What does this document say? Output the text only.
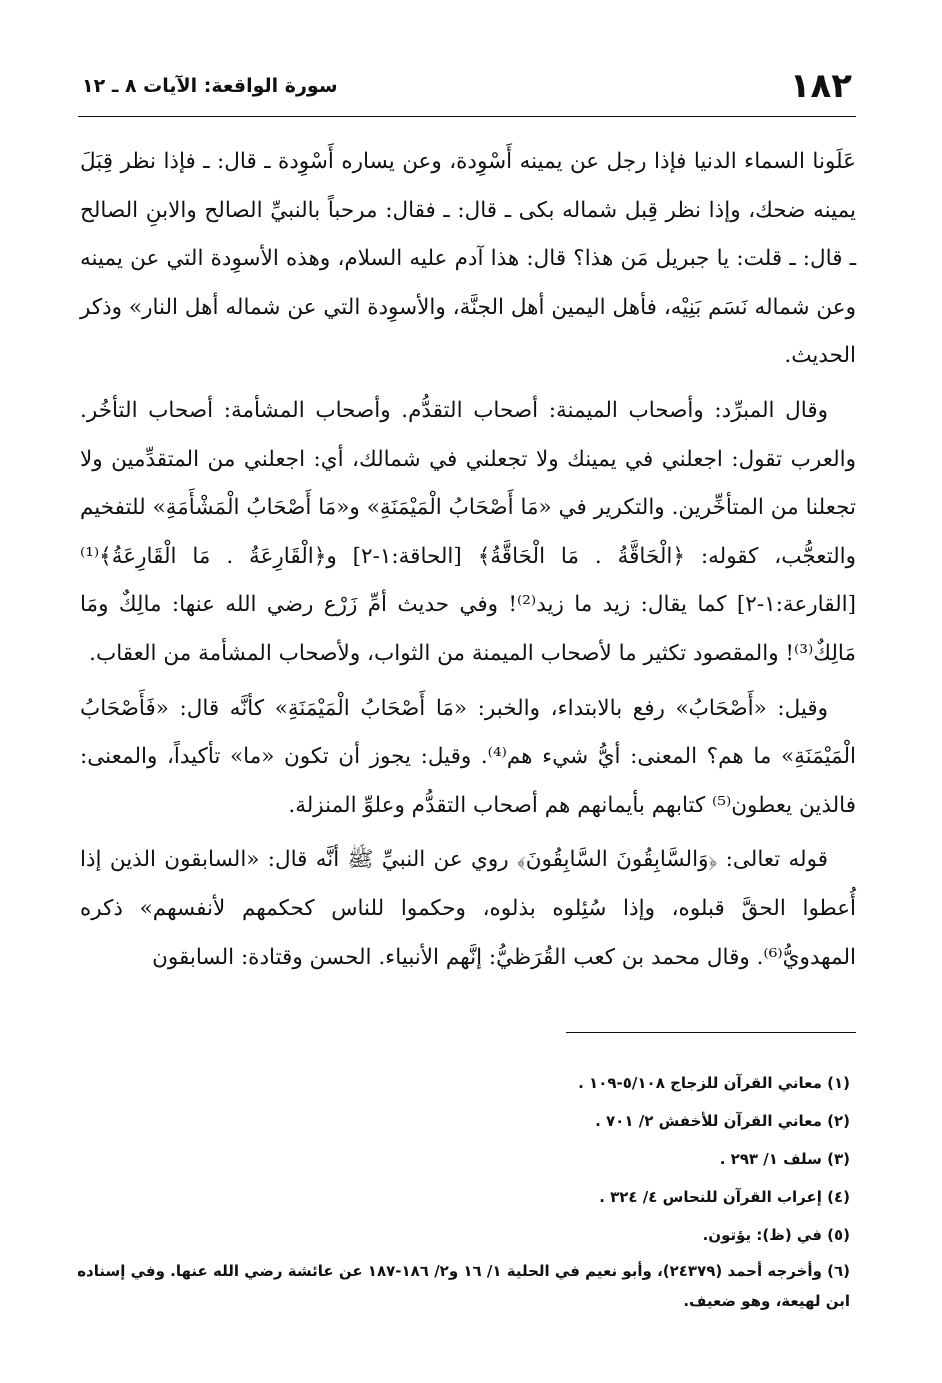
١٨٢
سورة الواقعة: الآيات ٨ ـ ١٢

عَلَونا السماء الدنيا فإذا رجل عن يمينه أَسْوِدة، وعن يساره أَسْوِدة ـ قال: ـ فإذا نظر قِبَلَ يمينه ضحك، وإذا نظر قِبل شماله بكى ـ قال: ـ فقال: مرحباً بالنبيِّ الصالح والابنِ الصالح ـ قال: ـ قلت: يا جبريل مَن هذا؟ قال: هذا آدم عليه السلام، وهذه الأسوِدة التي عن يمينه وعن شماله نَسَم بَنِيْه، فأهل اليمين أهل الجنَّة، والأسوِدة التي عن شماله أهل النار» وذكر الحديث.

وقال المبرِّد: وأصحاب الميمنة: أصحاب التقدُّم. وأصحاب المشأمة: أصحاب التأخُر. والعرب تقول: اجعلني في يمينك ولا تجعلني في شمالك، أي: اجعلني من المتقدِّمين ولا تجعلنا من المتأخِّرين. والتكرير في «مَا أَصْحَابُ الْمَيْمَنَةِ» و«مَا أَصْحَابُ الْمَشْأَمَةِ» للتفخيم والتعجُّب، كقوله: ﴿الْحَاقَّةُ . مَا الْحَاقَّةُ﴾ [الحاقة:١-٢] و﴿الْقَارِعَةُ . مَا الْقَارِعَةُ﴾⁽¹⁾ [القارعة:١-٢] كما يقال: زيد ما زيد⁽²⁾! وفي حديث أمِّ زَرْع رضي الله عنها: مالِكٌ ومَا مَالِكٌ⁽³⁾! والمقصود تكثير ما لأصحاب الميمنة من الثواب، ولأصحاب المشأمة من العقاب.

وقيل: «أَصْحَابُ» رفع بالابتداء، والخبر: «مَا أَصْحَابُ الْمَيْمَنَةِ» كأنَّه قال: «فَأَصْحَابُ الْمَيْمَنَةِ» ما هم؟ المعنى: أيُّ شيء هم⁽⁴⁾. وقيل: يجوز أن تكون «ما» تأكيداً، والمعنى: فالذين يعطون⁽⁵⁾ كتابهم بأيمانهم هم أصحاب التقدُّم وعلوِّ المنزلة.

قوله تعالى: ﴿وَالسَّابِقُونَ السَّابِقُونَ﴾ روي عن النبيِّ ﷺ أنَّه قال: «السابقون الذين إذا أُعطوا الحقَّ قبلوه، وإذا سُئِلوه بذلوه، وحكموا للناس كحكمهم لأنفسهم» ذكره المهدويُّ⁽⁶⁾. وقال محمد بن كعب القُرَظيُّ: إنَّهم الأنبياء. الحسن وقتادة: السابقون

(١) معاني القرآن للزجاج ٥/١٠٨-١٠٩ .

(٢) معاني القرآن للأخفش ٢/ ٧٠١ .

(٣) سلف ١/ ٢٩٣ .

(٤) إعراب القرآن للنحاس ٤/ ٣٢٤ .

(٥) في (ظ): يؤتون.

(٦) وأخرجه أحمد (٢٤٣٧٩)، وأبو نعيم في الحلية ١/ ١٦ و٢/ ١٨٦-١٨٧ عن عائشة رضي الله عنها. وفي إسناده ابن لهيعة، وهو ضعيف.
